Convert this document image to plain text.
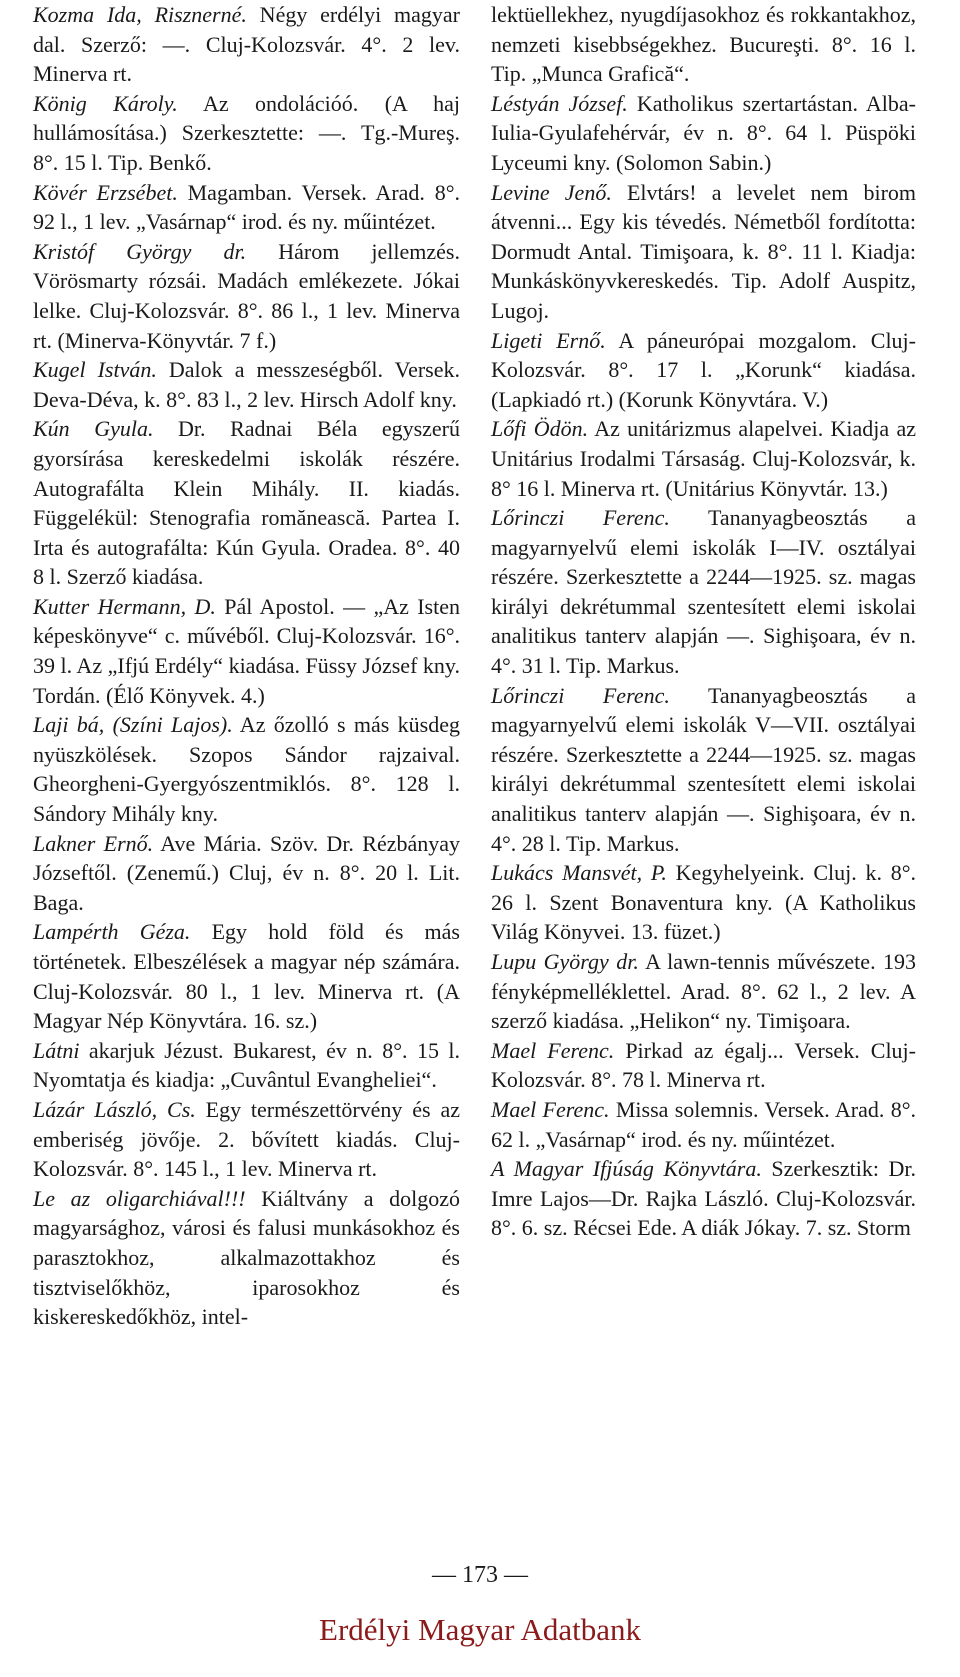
Kozma Ida, Risznerné. Négy erdélyi magyar dal. Szerző: —. Cluj-Kolozsvár. 4°. 2 lev. Minerva rt.

König Károly. Az ondolációó. (A haj hullámosítása.) Szerkesztette: —. Tg.-Mureş. 8°. 15 l. Tip. Benkő.

Kövér Erzsébet. Magamban. Versek. Arad. 8°. 92 l., 1 lev. „Vasárnap“ irod. és ny. műintézet.

Kristóf György dr. Három jellemzés. Vörösmarty rózsái. Madách emlékezete. Jókai lelke. Cluj-Kolozsvár. 8°. 86 l., 1 lev. Minerva rt. (Minerva-Könyvtár. 7 f.)

Kugel István. Dalok a messzeségből. Versek. Deva-Déva, k. 8°. 83 l., 2 lev. Hirsch Adolf kny.

Kún Gyula. Dr. Radnai Béla egyszerű gyorsírása kereskedelmi iskolák részére. Autografálta Klein Mihály. II. kiadás. Függelékül: Stenografia romănească. Partea I. Irta és autografálta: Kún Gyula. Oradea. 8°. 40 8 l. Szerző kiadása.

Kutter Hermann, D. Pál Apostol. — „Az Isten képeskönyve“ c. művéből. Cluj-Kolozsvár. 16°. 39 l. Az „Ifjú Erdély“ kiadása. Füssy József kny. Tordán. (Élő Könyvek. 4.)

Laji bá, (Színi Lajos). Az őzolló s más küsdeg nyüszkölések. Szopos Sándor rajzaival. Gheorgheni-Gyergyószentmiklós. 8°. 128 l. Sándory Mihály kny.

Lakner Ernő. Ave Mária. Szöv. Dr. Rézbányay Józseftől. (Zenemű.) Cluj, év n. 8°. 20 l. Lit. Baga.

Lampérth Géza. Egy hold föld és más történetek. Elbeszélések a magyar nép számára. Cluj-Kolozsvár. 80 l., 1 lev. Minerva rt. (A Magyar Nép Könyvtára. 16. sz.)

Látni akarjuk Jézust. Bukarest, év n. 8°. 15 l. Nyomtatja és kiadja: „Cuvântul Evangheliei“.

Lázár László, Cs. Egy természettörvény és az emberiség jövője. 2. bővített kiadás. Cluj-Kolozsvár. 8°. 145 l., 1 lev. Minerva rt.

Le az oligarchiával!!! Kiáltvány a dolgozó magyarsághoz, városi és falusi munkásokhoz és parasztokhoz, alkalmazottakhoz és tisztviselőkhöz, iparosokhoz és kiskereskedőkhöz, intel-

lektüellekhez, nyugdíjasokhoz és rokkantakhoz, nemzeti kisebbségekhez. Bucureşti. 8°. 16 l. Tip. „Munca Grafică“.

Léstyán József. Katholikus szertartástan. Alba-Iulia-Gyulafehérvár, év n. 8°. 64 l. Püspöki Lyceumi kny. (Solomon Sabin.)

Levine Jenő. Elvtárs! a levelet nem birom átvenni... Egy kis tévedés. Németből fordította: Dormudt Antal. Timişoara, k. 8°. 11 l. Kiadja: Munkáskönyvkereskedés. Tip. Adolf Auspitz, Lugoj.

Ligeti Ernő. A páneurópai mozgalom. Cluj-Kolozsvár. 8°. 17 l. „Korunk“ kiadása. (Lapkiadó rt.) (Korunk Könyvtára. V.)

Lőfi Ödön. Az unitárizmus alapelvei. Kiadja az Unitárius Irodalmi Társaság. Cluj-Kolozsvár, k. 8° 16 l. Minerva rt. (Unitárius Könyvtár. 13.)

Lőrinczi Ferenc. Tananyagbeosztás a magyarnyelvű elemi iskolák I—IV. osztályai részére. Szerkesztette a 2244—1925. sz. magas királyi dekrétummal szentesített elemi iskolai analitikus tanterv alapján —. Sighişoara, év n. 4°. 31 l. Tip. Markus.

Lőrinczi Ferenc. Tananyagbeosztás a magyarnyelvű elemi iskolák V—VII. osztályai részére. Szerkesztette a 2244—1925. sz. magas királyi dekrétummal szentesített elemi iskolai analitikus tanterv alapján —. Sighişoara, év n. 4°. 28 l. Tip. Markus.

Lukács Mansvét, P. Kegyhelyeink. Cluj. k. 8°. 26 l. Szent Bonaventura kny. (A Katholikus Világ Könyvei. 13. füzet.)

Lupu György dr. A lawn-tennis művészete. 193 fényképmelléklettel. Arad. 8°. 62 l., 2 lev. A szerző kiadása. „Helikon“ ny. Timişoara.

Mael Ferenc. Pirkad az égalj... Versek. Cluj-Kolozsvár. 8°. 78 l. Minerva rt.

Mael Ferenc. Missa solemnis. Versek. Arad. 8°. 62 l. „Vasárnap“ irod. és ny. műintézet.

A Magyar Ifjúság Könyvtára. Szerkesztik: Dr. Imre Lajos—Dr. Rajka László. Cluj-Kolozsvár. 8°. 6. sz. Récsei Ede. A diák Jókay. 7. sz. Storm

— 173 —
Erdélyi Magyar Adatbank
